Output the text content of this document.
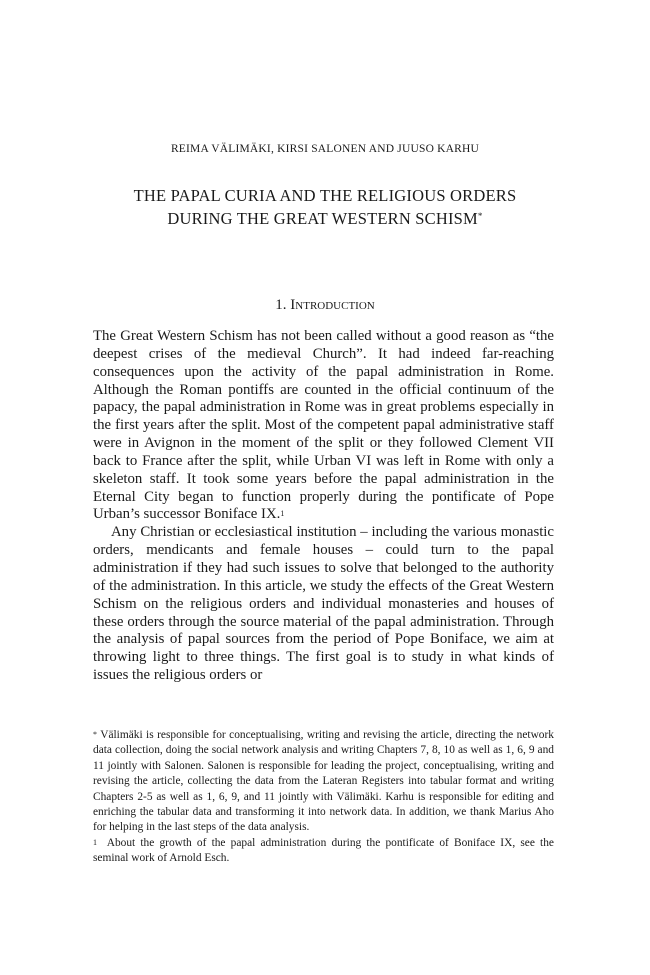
REIMA VÄLIMÄKI, KIRSI SALONEN AND JUUSO KARHU
THE PAPAL CURIA AND THE RELIGIOUS ORDERS
DURING THE GREAT WESTERN SCHISM*
1. Introduction

The Great Western Schism has not been called without a good reason as “the deepest crises of the medieval Church”. It had indeed far-reaching consequences upon the activity of the papal administration in Rome. Although the Roman pontiffs are counted in the official continuum of the papacy, the papal administration in Rome was in great problems especially in the first years after the split. Most of the competent papal administrative staff were in Avignon in the moment of the split or they followed Clement VII back to France after the split, while Urban VI was left in Rome with only a skeleton staff. It took some years before the papal administration in the Eternal City began to function properly during the pontificate of Pope Urban’s successor Boniface IX.$^1$

Any Christian or ecclesiastical institution – including the various monastic orders, mendicants and female houses – could turn to the papal administration if they had such issues to solve that belonged to the authority of the administration. In this article, we study the effects of the Great Western Schism on the religious orders and individual monasteries and houses of these orders through the source material of the papal administration. Through the analysis of papal sources from the period of Pope Boniface, we aim at throwing light to three things. The first goal is to study in what kinds of issues the religious orders or

* Välimäki is responsible for conceptualising, writing and revising the article, directing the network data collection, doing the social network analysis and writing Chapters 7, 8, 10 as well as 1, 6, 9 and 11 jointly with Salonen. Salonen is responsible for leading the project, conceptualising, writing and revising the article, collecting the data from the Lateran Registers into tabular format and writing Chapters 2-5 as well as 1, 6, 9, and 11 jointly with Välimäki. Karhu is responsible for editing and enriching the tabular data and transforming it into network data. In addition, we thank Marius Aho for helping in the last steps of the data analysis.

$^1$ About the growth of the papal administration during the pontificate of Boniface IX, see the seminal work of Arnold Esch.
